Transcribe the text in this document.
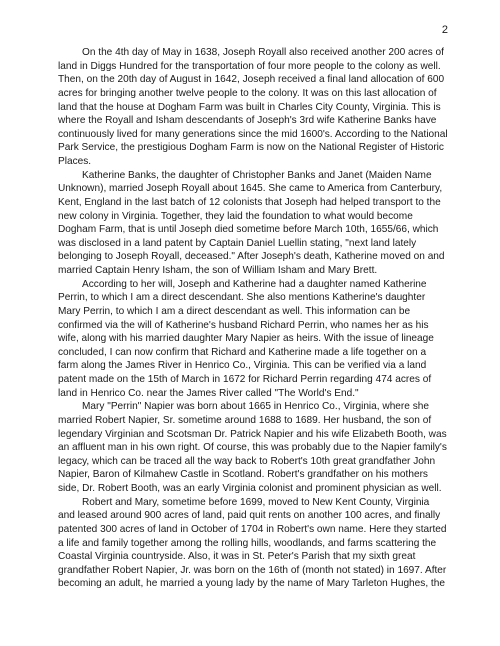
2

On the 4th day of May in 1638, Joseph Royall also received another 200 acres of land in Diggs Hundred for the transportation of four more people to the colony as well. Then, on the 20th day of August in 1642, Joseph received a final land allocation of 600 acres for bringing another twelve people to the colony. It was on this last allocation of land that the house at Dogham Farm was built in Charles City County, Virginia. This is where the Royall and Isham descendants of Joseph's 3rd wife Katherine Banks have continuously lived for many generations since the mid 1600's. According to the National Park Service, the prestigious Dogham Farm is now on the National Register of Historic Places.

Katherine Banks, the daughter of Christopher Banks and Janet (Maiden Name Unknown), married Joseph Royall about 1645. She came to America from Canterbury, Kent, England in the last batch of 12 colonists that Joseph had helped transport to the new colony in Virginia. Together, they laid the foundation to what would become Dogham Farm, that is until Joseph died sometime before March 10th, 1655/66, which was disclosed in a land patent by Captain Daniel Luellin stating, "next land lately belonging to Joseph Royall, deceased." After Joseph's death, Katherine moved on and married Captain Henry Isham, the son of William Isham and Mary Brett.

According to her will, Joseph and Katherine had a daughter named Katherine Perrin, to which I am a direct descendant. She also mentions Katherine's daughter Mary Perrin, to which I am a direct descendant as well. This information can be confirmed via the will of Katherine's husband Richard Perrin, who names her as his wife, along with his married daughter Mary Napier as heirs. With the issue of lineage concluded, I can now confirm that Richard and Katherine made a life together on a farm along the James River in Henrico Co., Virginia. This can be verified via a land patent made on the 15th of March in 1672 for Richard Perrin regarding 474 acres of land in Henrico Co. near the James River called "The World's End."

Mary "Perrin" Napier was born about 1665 in Henrico Co., Virginia, where she married Robert Napier, Sr. sometime around 1688 to 1689. Her husband, the son of legendary Virginian and Scotsman Dr. Patrick Napier and his wife Elizabeth Booth, was an affluent man in his own right. Of course, this was probably due to the Napier family's legacy, which can be traced all the way back to Robert's 10th great grandfather John Napier, Baron of Kilmahew Castle in Scotland. Robert's grandfather on his mothers side, Dr. Robert Booth, was an early Virginia colonist and prominent physician as well.

Robert and Mary, sometime before 1699, moved to New Kent County, Virginia and leased around 900 acres of land, paid quit rents on another 100 acres, and finally patented 300 acres of land in October of 1704 in Robert's own name. Here they started a life and family together among the rolling hills, woodlands, and farms scattering the Coastal Virginia countryside. Also, it was in St. Peter's Parish that my sixth great grandfather Robert Napier, Jr. was born on the 16th of (month not stated) in 1697. After becoming an adult, he married a young lady by the name of Mary Tarleton Hughes, the
